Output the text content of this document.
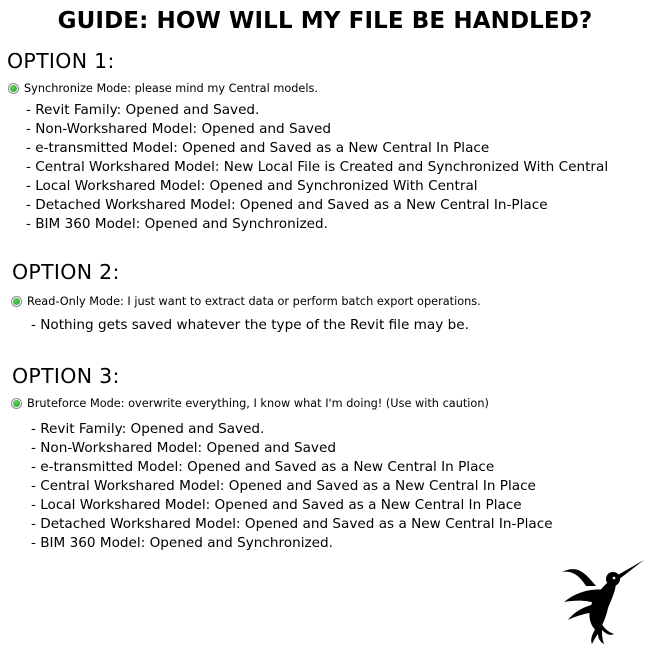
GUIDE: HOW WILL MY FILE BE HANDLED?
OPTION 1:
Synchronize Mode: please mind my Central models.
- Revit Family: Opened and Saved.
- Non-Workshared Model: Opened and Saved
- e-transmitted Model: Opened and Saved as a New Central In Place
- Central Workshared Model: New Local File is Created and Synchronized With Central
- Local Workshared Model: Opened and Synchronized With Central
- Detached Workshared Model: Opened and Saved as a New Central In-Place
- BIM 360 Model: Opened and Synchronized.
OPTION 2:
Read-Only Mode: I just want to extract data or perform batch export operations.
- Nothing gets saved whatever the type of the Revit file may be.
OPTION 3:
Bruteforce Mode: overwrite everything, I know what I'm doing! (Use with caution)
- Revit Family: Opened and Saved.
- Non-Workshared Model: Opened and Saved
- e-transmitted Model: Opened and Saved as a New Central In Place
- Central Workshared Model: Opened and Saved as a New Central In Place
- Local Workshared Model: Opened and Saved as a New Central In Place
- Detached Workshared Model: Opened and Saved as a New Central In-Place
- BIM 360 Model: Opened and Synchronized.
